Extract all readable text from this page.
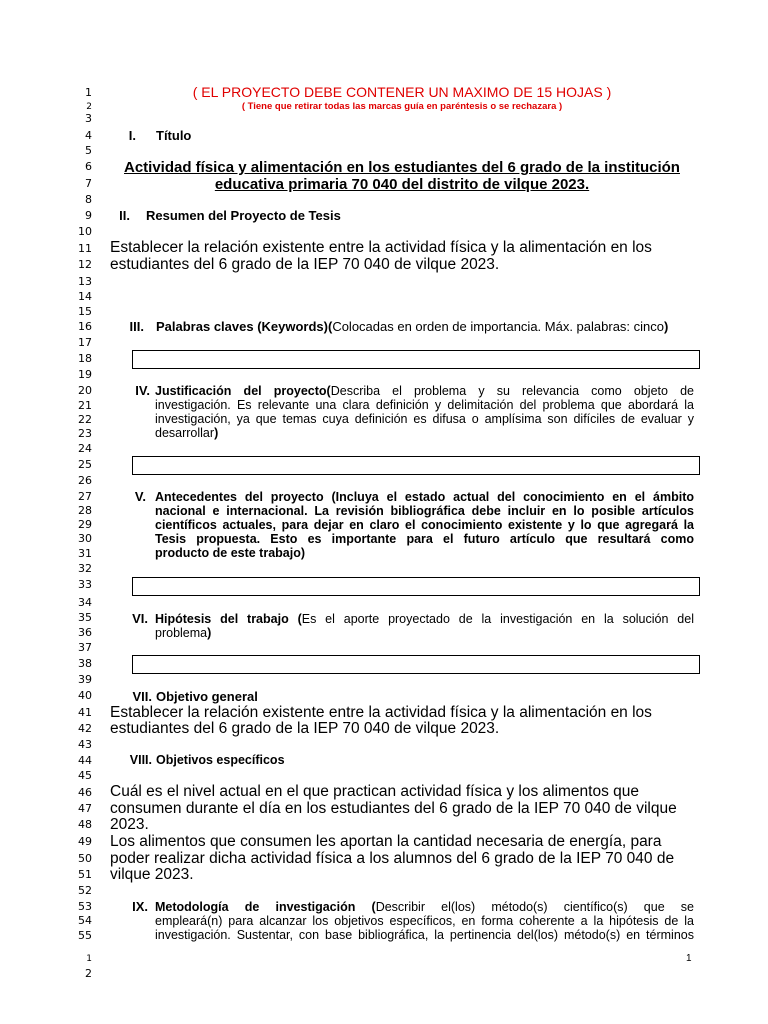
1
2
3
4
5
6
7
8
9
10
11
12
13
14
15
16
17
18
19
20
21
22
23
24
25
26
27
28
29
30
31
32
33
34
35
36
37
38
39
40
41
42
43
44
45
46
47
48
49
50
51
52
53
54
55
1
2
1
( EL PROYECTO DEBE CONTENER UN MAXIMO DE 15 HOJAS )
( Tiene que retirar todas las marcas guía en paréntesis o se rechazara )
I. Título
Actividad física y alimentación en los estudiantes del 6 grado de la institución
educativa primaria 70 040 del distrito de vilque 2023.
II. Resumen del Proyecto de Tesis
Establecer la relación existente entre la actividad física y la alimentación en los
estudiantes del 6 grado de la IEP 70 040 de vilque 2023.
III. Palabras claves (Keywords)(Colocadas en orden de importancia. Máx. palabras: cinco)
IV. Justificación del proyecto(Describa el problema y su relevancia como objeto de
investigación. Es relevante una clara definición y delimitación del problema que abordará la
investigación, ya que temas cuya definición es difusa o amplísima son difíciles de evaluar y
desarrollar)
V. Antecedentes del proyecto (Incluya el estado actual del conocimiento en el ámbito
nacional e internacional. La revisión bibliográfica debe incluir en lo posible artículos
científicos actuales, para dejar en claro el conocimiento existente y lo que agregará la
Tesis propuesta. Esto es importante para el futuro artículo que resultará como
producto de este trabajo)
VI. Hipótesis del trabajo (Es el aporte proyectado de la investigación en la solución del
problema)
VII. Objetivo general
Establecer la relación existente entre la actividad física y la alimentación en los
estudiantes del 6 grado de la IEP 70 040 de vilque 2023.
VIII. Objetivos específicos
Cuál es el nivel actual en el que practican actividad física y los alimentos que
consumen durante el día en los estudiantes del 6 grado de la IEP 70 040 de vilque
2023.
Los alimentos que consumen les aportan la cantidad necesaria de energía, para
poder realizar dicha actividad física a los alumnos del 6 grado de la IEP 70 040 de
vilque 2023.
IX. Metodología de investigación (Describir el(los) método(s) científico(s) que se
empleará(n) para alcanzar los objetivos específicos, en forma coherente a la hipótesis de la
investigación. Sustentar, con base bibliográfica, la pertinencia del(los) método(s) en términos
